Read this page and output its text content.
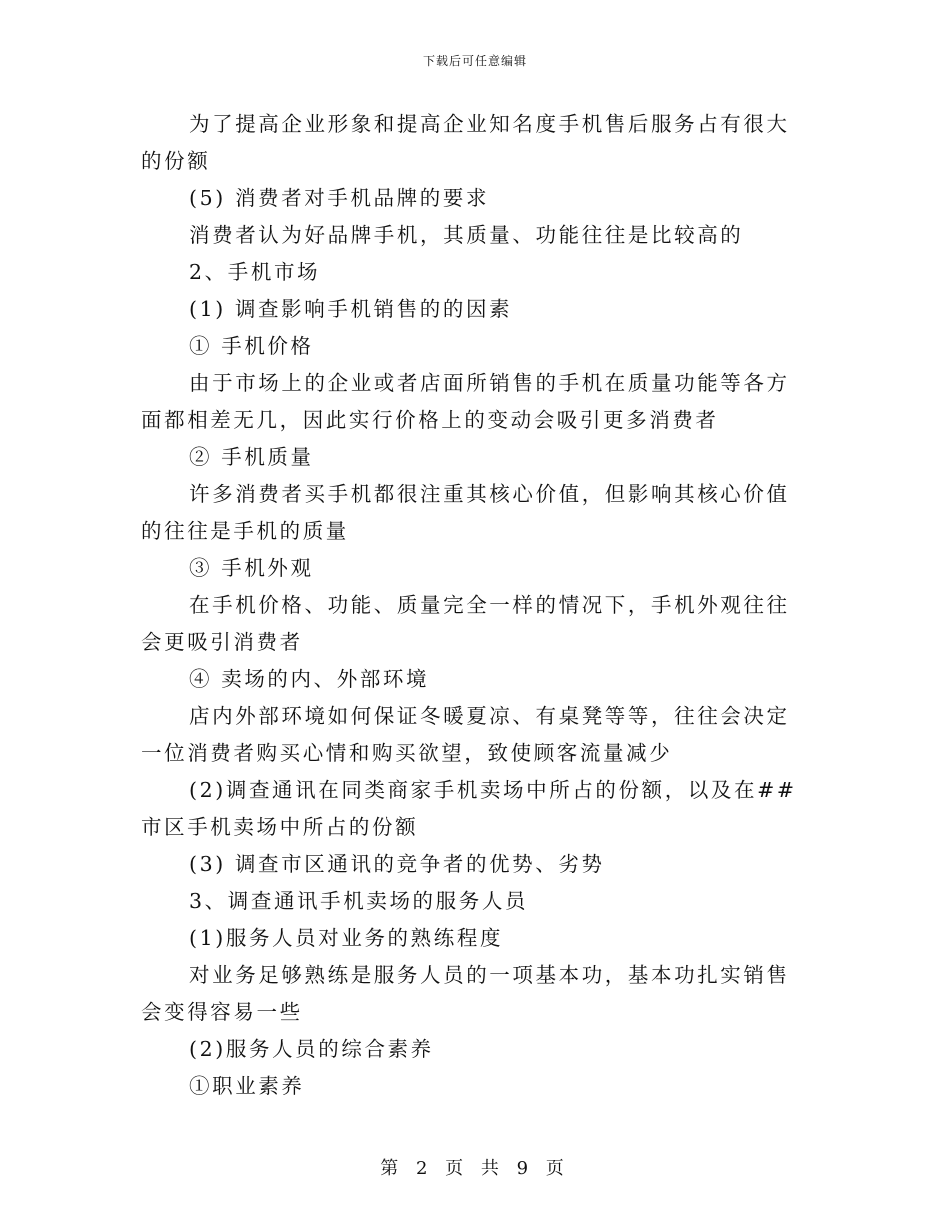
下载后可任意编辑

为了提高企业形象和提高企业知名度手机售后服务占有很大的份额

(5) 消费者对手机品牌的要求

消费者认为好品牌手机，其质量、功能往往是比较高的

2、手机市场

(1) 调查影响手机销售的的因素

① 手机价格

由于市场上的企业或者店面所销售的手机在质量功能等各方面都相差无几，因此实行价格上的变动会吸引更多消费者

② 手机质量

许多消费者买手机都很注重其核心价值，但影响其核心价值的往往是手机的质量

③ 手机外观

在手机价格、功能、质量完全一样的情况下，手机外观往往会更吸引消费者

④ 卖场的内、外部环境

店内外部环境如何保证冬暖夏凉、有桌凳等等，往往会决定一位消费者购买心情和购买欲望，致使顾客流量减少

(2)调查通讯在同类商家手机卖场中所占的份额，以及在##市区手机卖场中所占的份额

(3) 调查市区通讯的竞争者的优势、劣势

3、调查通讯手机卖场的服务人员

(1)服务人员对业务的熟练程度

对业务足够熟练是服务人员的一项基本功，基本功扎实销售会变得容易一些

(2)服务人员的综合素养

①职业素养

第 2 页 共 9 页
